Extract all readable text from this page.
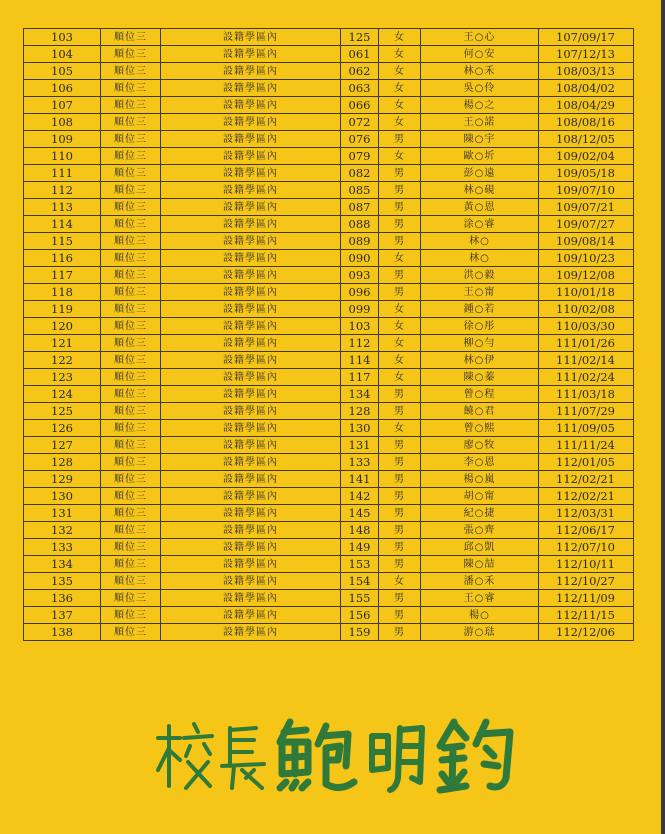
103	順位三	設籍學區內	125	女	王○心	107/09/17
104	順位三	設籍學區內	061	女	何○安	107/12/13
105	順位三	設籍學區內	062	女	林○禾	108/03/13
106	順位三	設籍學區內	063	女	吳○伶	108/04/02
107	順位三	設籍學區內	066	女	楊○之	108/04/29
108	順位三	設籍學區內	072	女	王○諾	108/08/16
109	順位三	設籍學區內	076	男	陳○宇	108/12/05
110	順位三	設籍學區內	079	女	歐○圻	109/02/04
111	順位三	設籍學區內	082	男	彭○遠	109/05/18
112	順位三	設籍學區內	085	男	林○硯	109/07/10
113	順位三	設籍學區內	087	男	黃○恩	109/07/21
114	順位三	設籍學區內	088	男	涂○睿	109/07/27
115	順位三	設籍學區內	089	男	林○	109/08/14
116	順位三	設籍學區內	090	女	林○	109/10/23
117	順位三	設籍學區內	093	男	洪○毅	109/12/08
118	順位三	設籍學區內	096	男	王○甯	110/01/18
119	順位三	設籍學區內	099	女	鍾○若	110/02/08
120	順位三	設籍學區內	103	女	徐○彤	110/03/30
121	順位三	設籍學區內	112	女	柳○勻	111/01/26
122	順位三	設籍學區內	114	女	林○伊	111/02/14
123	順位三	設籍學區內	117	女	陳○蓁	111/02/24
124	順位三	設籍學區內	134	男	曾○程	111/03/18
125	順位三	設籍學區內	128	男	饒○君	111/07/29
126	順位三	設籍學區內	130	女	曾○熙	111/09/05
127	順位三	設籍學區內	131	男	廖○牧	111/11/24
128	順位三	設籍學區內	133	男	李○恩	112/01/05
129	順位三	設籍學區內	141	男	楊○嵐	112/02/21
130	順位三	設籍學區內	142	男	胡○甯	112/02/21
131	順位三	設籍學區內	145	男	紀○捷	112/03/31
132	順位三	設籍學區內	148	男	張○齊	112/06/17
133	順位三	設籍學區內	149	男	邱○凱	112/07/10
134	順位三	設籍學區內	153	男	陳○喆	112/10/11
135	順位三	設籍學區內	154	女	潘○禾	112/10/27
136	順位三	設籍學區內	155	男	王○睿	112/11/09
137	順位三	設籍學區內	156	男	楊○	112/11/15
138	順位三	設籍學區內	159	男	游○琺	112/12/06
